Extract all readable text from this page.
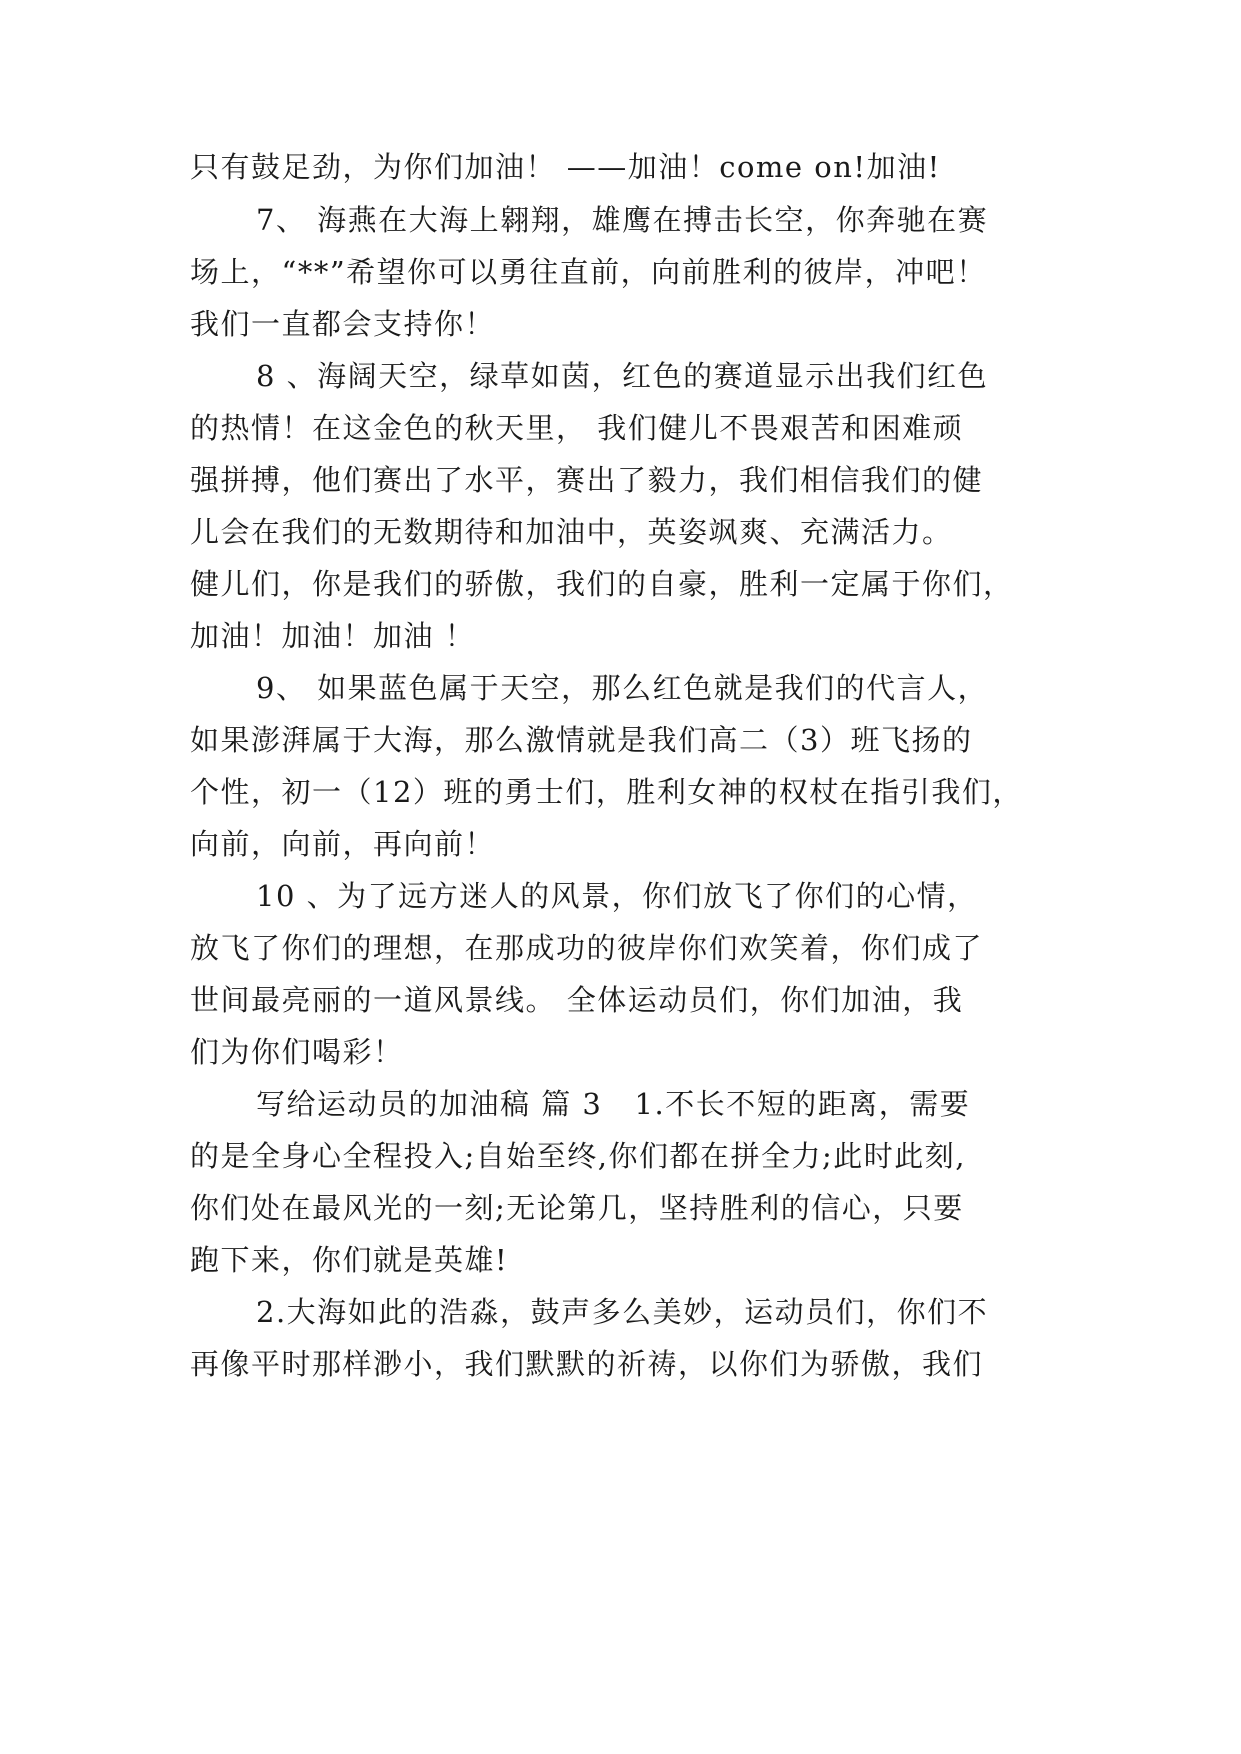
只有鼓足劲，为你们加油！ ——加油！come on!加油!
7、 海燕在大海上翱翔，雄鹰在搏击长空，你奔驰在赛
场上，“**”希望你可以勇往直前，向前胜利的彼岸，冲吧！
我们一直都会支持你！
8 、海阔天空，绿草如茵，红色的赛道显示出我们红色
的热情！在这金色的秋天里， 我们健儿不畏艰苦和困难顽
强拼搏，他们赛出了水平，赛出了毅力，我们相信我们的健
儿会在我们的无数期待和加油中，英姿飒爽、充满活力。
健儿们，你是我们的骄傲，我们的自豪，胜利一定属于你们，
加油！加油！加油 ！
9、 如果蓝色属于天空，那么红色就是我们的代言人，
如果澎湃属于大海，那么激情就是我们高二（3）班飞扬的
个性，初一（12）班的勇士们，胜利女神的权杖在指引我们，
向前，向前，再向前！
10 、为了远方迷人的风景，你们放飞了你们的心情，
放飞了你们的理想，在那成功的彼岸你们欢笑着，你们成了
世间最亮丽的一道风景线。 全体运动员们，你们加油，我
们为你们喝彩！
写给运动员的加油稿 篇 3   1.不长不短的距离，需要
的是全身心全程投入;自始至终,你们都在拼全力;此时此刻,
你们处在最风光的一刻;无论第几，坚持胜利的信心，只要
跑下来，你们就是英雄!
2.大海如此的浩淼，鼓声多么美妙，运动员们，你们不
再像平时那样渺小，我们默默的祈祷，以你们为骄傲，我们
